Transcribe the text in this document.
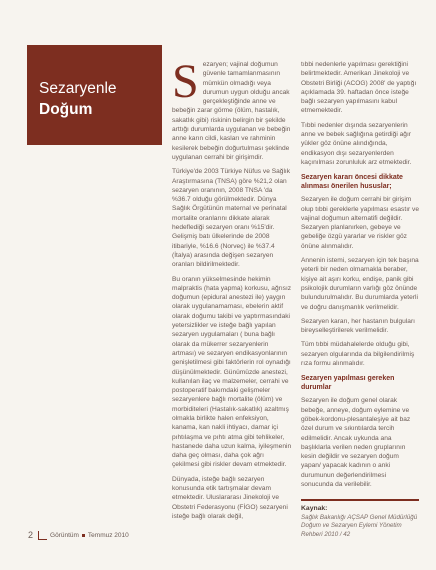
Sezaryenle
Doğum

Sezaryen; vajinal doğumun güvenle tamamlanmasının mümkün olmadığı veya durumun uygun olduğu ancak gerçekleştiğinde anne ve bebeğin zarar görme (ölüm, hastalık, sakatlık gibi) riskinin belirgin bir şekilde arttığı durumlarda uygulanan ve bebeğin anne karın cildi, kasları ve rahminin kesilerek bebeğin doğurtulması şeklinde uygulanan cerrahi bir girişimdir.

Türkiye'de 2003 Türkiye Nüfus ve Sağlık Araştırmasına (TNSA) göre %21,2 olan sezaryen oranının, 2008 TNSA 'da %36.7 olduğu görülmektedir. Dünya Sağlık Örgütünün maternal ve perinatal mortalite oranlarını dikkate alarak hedeflediği sezaryen oranı %15'dir. Gelişmiş batı ülkelerinde de 2008 itibariyle, %16.6 (Norveç) ile %37.4 (İtalya) arasında değişen sezaryen oranları bildirilmektedir.

Bu oranın yükselmesinde hekimin malpraktis (hata yapma) korkusu, ağrısız doğumun (epidural anestezi ile) yaygın olarak uygulanamaması, ebelerin aktif olarak doğumu takibi ve yaptırmasındaki yetersizlikler ve isteğe bağlı yapılan sezaryen uygulamaları ( buna bağlı olarak da mükerrer sezaryenlerin artması) ve sezaryen endikasyonlarının genişletilmesi gibi faktörlerin rol oynadığı düşünülmektedir. Günümüzde anestezi, kullanılan ilaç ve malzemeler, cerrahi ve postoperatif bakımdaki gelişmeler sezaryenlere bağlı mortalite (ölüm) ve morbiditeleri (Hastalık-sakatlık) azaltmış olmakla birlikte halen enfeksiyon, kanama, kan nakli ihtiyacı, damar içi pıhtılaşma ve pıhtı atma gibi tehlikeler, hastanede daha uzun kalma, iyileşmenin daha geç olması, daha çok ağrı çekilmesi gibi riskler devam etmektedir.

Dünyada, isteğe bağlı sezaryen konusunda etik tartışmalar devam etmektedir. Uluslararası Jinekoloji ve Obstetri Federasyonu (FİGO) sezaryeni isteğe bağlı olarak değil,

tıbbi nedenlerle yapılması gerektiğini belirtmektedir. Amerikan Jinekoloji ve Obstetri Birliği (ACOG) 2008' de yaptığı açıklamada 39. haftadan önce isteğe bağlı sezaryen yapılmasını kabul etmemektedir.

Tıbbi nedenler dışında sezaryenlerin anne ve bebek sağlığına getirdiği ağır yükler göz önüne alındığında, endikasyon dışı sezaryenlerden kaçınılması zorunluluk arz etmektedir.

Sezaryen kararı öncesi dikkate alınması önerilen hususlar;

Sezaryen ile doğum cerrahi bir girişim olup tıbbi gereklerle yapılması esastır ve vajinal doğumun alternatifi değildir. Sezaryen planlanırken, gebeye ve gebeliğe özgü yararlar ve riskler göz önüne alınmalıdır.

Annenin istemi, sezaryen için tek başına yeterli bir neden olmamakla beraber, kişiye ait aşırı korku, endişe, panik gibi psikolojik durumların varlığı göz önünde bulundurulmalıdır. Bu durumlarda yeterli ve doğru danışmanlık verilmelidir.

Sezaryen kararı, her hastanın bulguları bireyselleştirilerek verilmelidir.

Tüm tıbbi müdahalelerde olduğu gibi, sezaryen olgularında da bilgilendirilmiş rıza formu alınmalıdır.

Sezaryen yapılması gereken durumlar

Sezaryen ile doğum genel olarak bebeğe, anneye, doğum eylemine ve göbek-kordonu-plesantaleşiye ait baz özel durum ve sıkıntılarda tercih edilmelidir. Ancak uykunda ana başlıklarla verilen neden gruplarının kesin değildir ve sezaryen doğum yapan/ yapacak kadının o anki durumunun değerlendirilmesi sonucunda da verilebilir.

Kaynak:
Sağlık Bakanlığı AÇSAP Genel Müdürlüğü Doğum ve Sezaryen Eylemi Yönetim Rehberi 2010 / 42
2	Görüntüm Temmuz 2010
